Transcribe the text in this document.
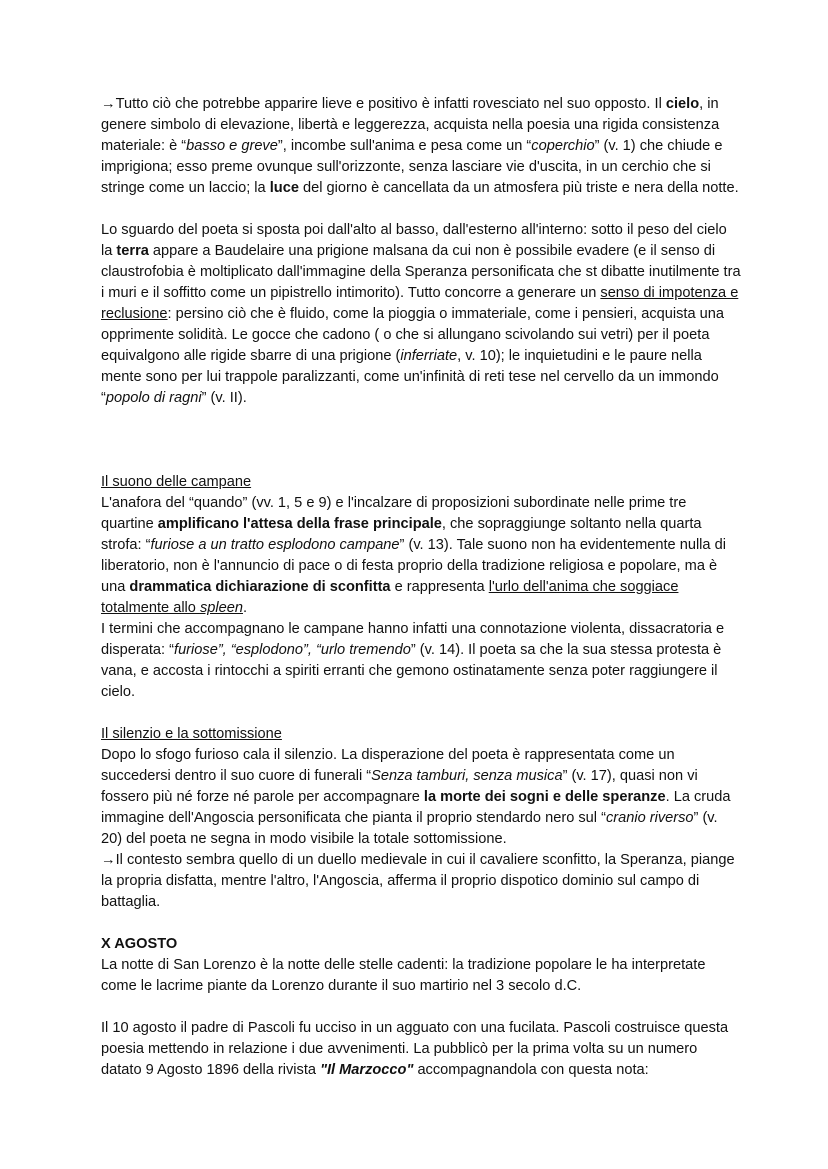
→Tutto ciò che potrebbe apparire lieve e positivo è infatti rovesciato nel suo opposto. Il cielo, in genere simbolo di elevazione, libertà e leggerezza, acquista nella poesia una rigida consistenza materiale: è “basso e greve”, incombe sull'anima e pesa come un “coperchio” (v. 1) che chiude e imprigiona; esso preme ovunque sull'orizzonte, senza lasciare vie d'uscita, in un cerchio che si stringe come un laccio; la luce del giorno è cancellata da un atmosfera più triste e nera della notte.

Lo sguardo del poeta si sposta poi dall'alto al basso, dall'esterno all'interno: sotto il peso del cielo la terra appare a Baudelaire una prigione malsana da cui non è possibile evadere (e il senso di claustrofobia è moltiplicato dall'immagine della Speranza personificata che st dibatte inutilmente tra i muri e il soffitto come un pipistrello intimorito). Tutto concorre a generare un senso di impotenza e reclusione: persino ciò che è fluido, come la pioggia o immateriale, come i pensieri, acquista una opprimente solidità. Le gocce che cadono ( o che si allungano scivolando sui vetri) per il poeta equivalgono alle rigide sbarre di una prigione (inferriate, v. 10); le inquietudini e le paure nella mente sono per lui trappole paralizzanti, come un'infinità di reti tese nel cervello da un immondo “popolo di ragni” (v. II).

Il suono delle campane

L'anafora del “quando” (vv. 1, 5 e 9) e l'incalzare di proposizioni subordinate nelle prime tre quartine amplificano l'attesa della frase principale, che sopraggiunge soltanto nella quarta strofa: “furiose a un tratto esplodono campane” (v. 13). Tale suono non ha evidentemente nulla di liberatorio, non è l'annuncio di pace o di festa proprio della tradizione religiosa e popolare, ma è una drammatica dichiarazione di sconfitta e rappresenta l'urlo dell'anima che soggiace totalmente allo spleen.

I termini che accompagnano le campane hanno infatti una connotazione violenta, dissacratoria e disperata: “furiose”, “esplodono”, “urlo tremendo” (v. 14). Il poeta sa che la sua stessa protesta è vana, e accosta i rintocchi a spiriti erranti che gemono ostinatamente senza poter raggiungere il cielo.

Il silenzio e la sottomissione

Dopo lo sfogo furioso cala il silenzio. La disperazione del poeta è rappresentata come un succedersi dentro il suo cuore di funerali “Senza tamburi, senza musica” (v. 17), quasi non vi fossero più né forze né parole per accompagnare la morte dei sogni e delle speranze. La cruda immagine dell'Angoscia personificata che pianta il proprio stendardo nero sul “cranio riverso” (v. 20) del poeta ne segna in modo visibile la totale sottomissione.

→Il contesto sembra quello di un duello medievale in cui il cavaliere sconfitto, la Speranza, piange la propria disfatta, mentre l'altro, l'Angoscia, afferma il proprio dispotico dominio sul campo di battaglia.

X AGOSTO

La notte di San Lorenzo è la notte delle stelle cadenti: la tradizione popolare le ha interpretate come le lacrime piante da Lorenzo durante il suo martirio nel 3 secolo d.C.

Il 10 agosto il padre di Pascoli fu ucciso in un agguato con una fucilata. Pascoli costruisce questa poesia mettendo in relazione i due avvenimenti. La pubblicò per la prima volta su un numero datato 9 Agosto 1896 della rivista "Il Marzocco" accompagnandola con questa nota:
